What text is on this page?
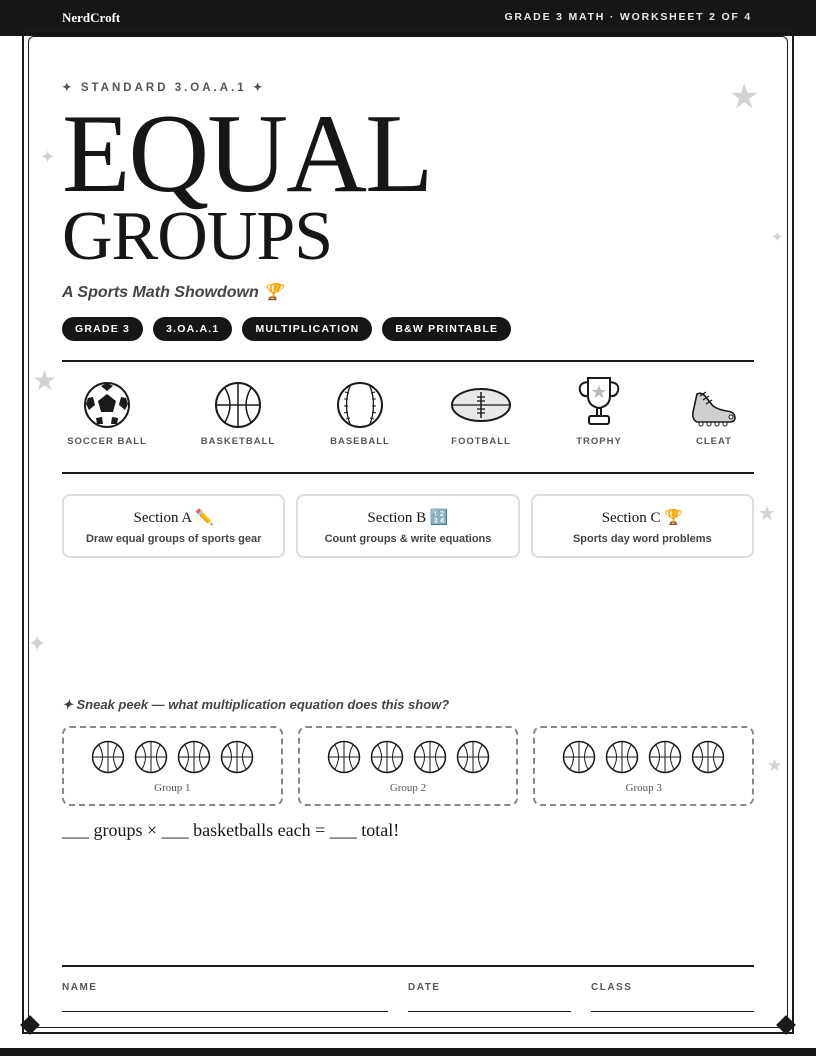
NerdCroft	GRADE 3 MATH · WORKSHEET 2 OF 4
★
✦
✦
★
★
✦
★
✦ STANDARD 3.OA.A.1 ✦
EQUAL
GROUPS
A Sports Math Showdown 🏆
GRADE 3	3.OA.A.1	MULTIPLICATION	B&W PRINTABLE
SOCCER BALL	BASKETBALL	BASEBALL	FOOTBALL	TROPHY	CLEAT
Section A ✏️
Draw equal groups of sports gear
Section B 🔢
Count groups & write equations
Section C 🏆
Sports day word problems
✦ Sneak peek — what multiplication equation does this show?
Group 1	Group 2	Group 3
___ groups × ___ basketballs each = ___ total!
NAME	DATE	CLASS
